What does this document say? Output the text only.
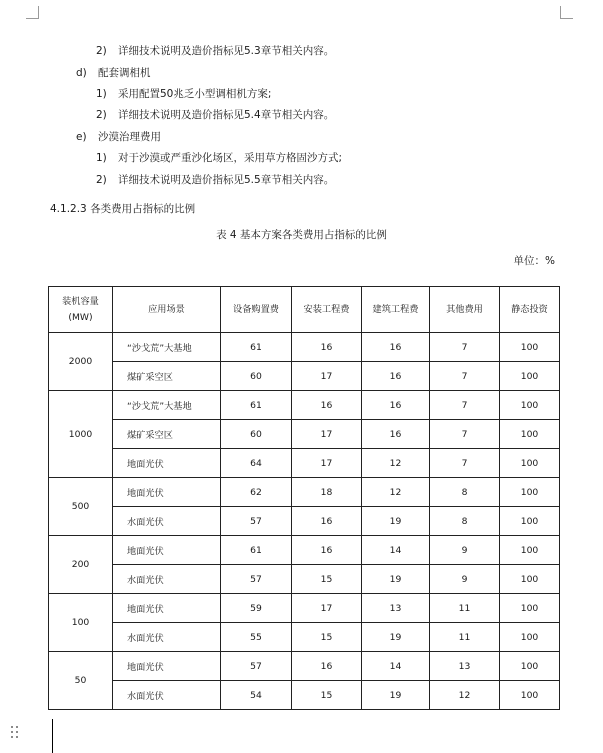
2) 详细技术说明及造价指标见5.3章节相关内容。
d) 配套调相机
1) 采用配置50兆乏小型调相机方案;
2) 详细技术说明及造价指标见5.4章节相关内容。
e) 沙漠治理费用
1) 对于沙漠或严重沙化场区，采用草方格固沙方式;
2) 详细技术说明及造价指标见5.5章节相关内容。
4.1.2.3 各类费用占指标的比例
表 4 基本方案各类费用占指标的比例
单位：%
装机容量
(MW)	应用场景	设备购置费	安装工程费	建筑工程费	其他费用	静态投资
2000	“沙戈荒”大基地	61	16	16	7	100
	煤矿采空区	60	17	16	7	100
1000	“沙戈荒”大基地	61	16	16	7	100
	煤矿采空区	60	17	16	7	100
	地面光伏	64	17	12	7	100
500	地面光伏	62	18	12	8	100
	水面光伏	57	16	19	8	100
200	地面光伏	61	16	14	9	100
	水面光伏	57	15	19	9	100
100	地面光伏	59	17	13	11	100
	水面光伏	55	15	19	11	100
50	地面光伏	57	16	14	13	100
	水面光伏	54	15	19	12	100
